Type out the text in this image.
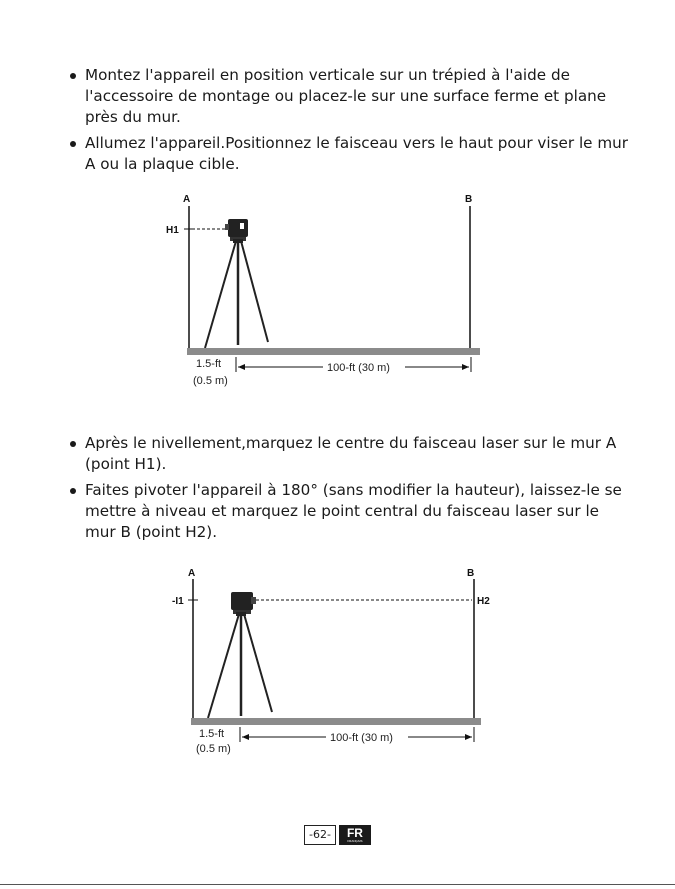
Montez l'appareil en position verticale sur un trépied à l'aide de l'accessoire de montage ou placez-le sur une surface ferme et plane près du mur.
Allumez l'appareil.Positionnez le faisceau vers le haut pour viser le mur A ou la plaque cible.
A	B
H1
1.5-ft
(0.5 m)
100-ft (30 m)
Après le nivellement,marquez le centre du faisceau laser sur le mur A (point H1).
Faites pivoter l'appareil à 180° (sans modifier la hauteur), laissez-le se mettre à niveau et marquez le point central du faisceau laser sur le mur B (point H2).
A	B
-I1	H2
1.5-ft
(0.5 m)
100-ft (30 m)
-62-	FR
FRANÇAIS
